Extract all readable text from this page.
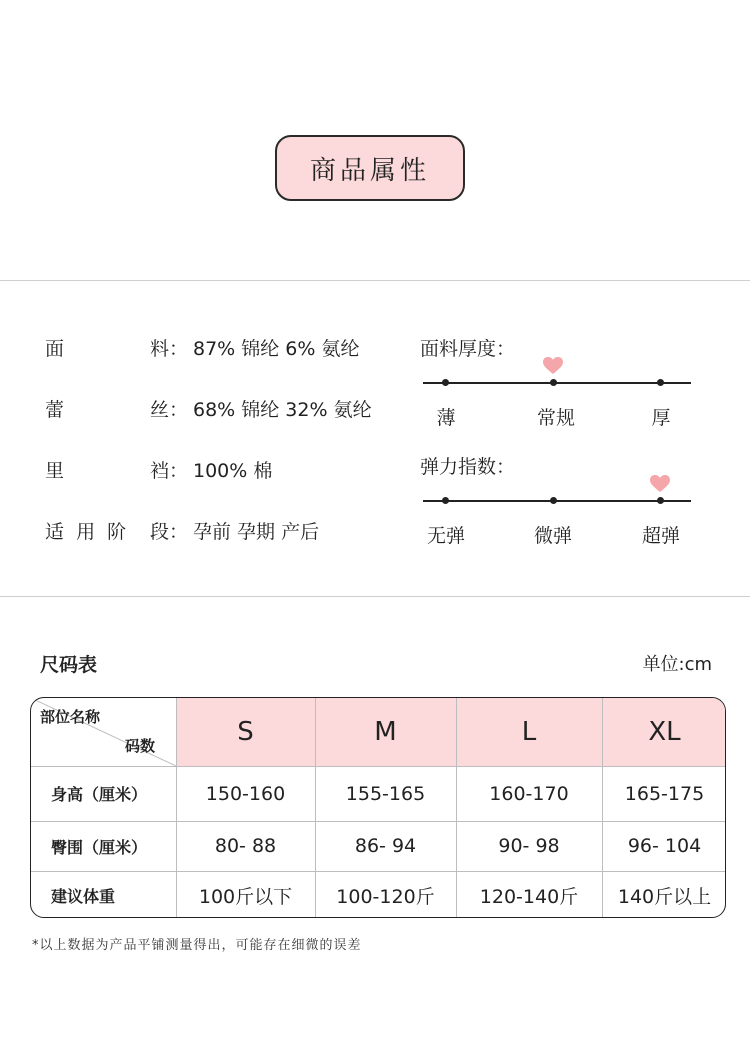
商品属性
面	料： 87% 锦纶 6% 氨纶
蕾	丝： 68% 锦纶 32% 氨纶
里	裆： 100% 棉
适  用  阶 段： 孕前 孕期 产后
面料厚度：
薄	常规	厚
弹力指数：
无弹	微弹	超弹
尺码表	单位:cm
部位名称
码数	S	M	L	XL
身高（厘米）	150-160	155-165	160-170	165-175
臀围（厘米）	80- 88	86- 94	90- 98	96- 104
建议体重	100斤以下	100-120斤	120-140斤	140斤以上
*以上数据为产品平铺测量得出，可能存在细微的误差
